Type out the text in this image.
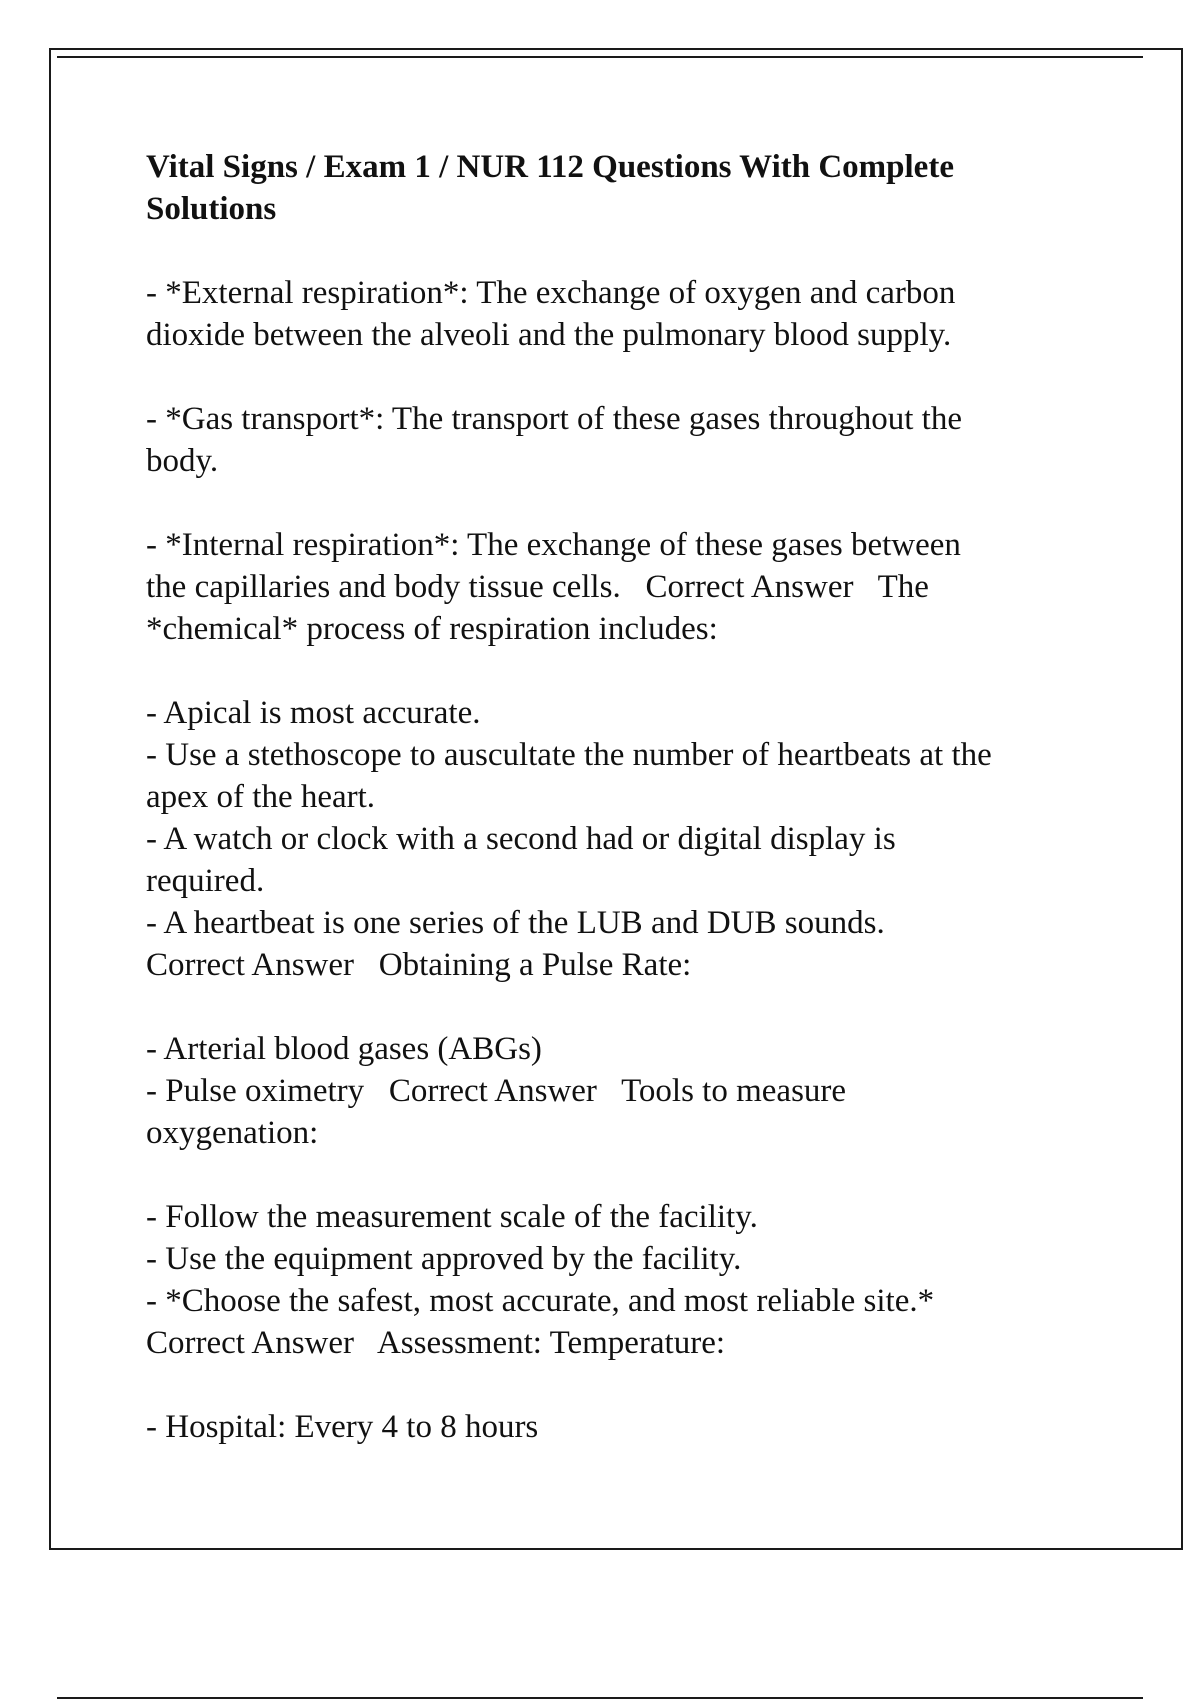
Vital Signs / Exam 1 / NUR 112 Questions With Complete
Solutions
- *External respiration*: The exchange of oxygen and carbon
dioxide between the alveoli and the pulmonary blood supply.
- *Gas transport*: The transport of these gases throughout the
body.
- *Internal respiration*: The exchange of these gases between
the capillaries and body tissue cells.   Correct Answer   The
*chemical* process of respiration includes:
- Apical is most accurate.
- Use a stethoscope to auscultate the number of heartbeats at the
apex of the heart.
- A watch or clock with a second had or digital display is
required.
- A heartbeat is one series of the LUB and DUB sounds.
Correct Answer   Obtaining a Pulse Rate:
- Arterial blood gases (ABGs)
- Pulse oximetry   Correct Answer   Tools to measure
oxygenation:
- Follow the measurement scale of the facility.
- Use the equipment approved by the facility.
- *Choose the safest, most accurate, and most reliable site.*
Correct Answer   Assessment: Temperature:
- Hospital: Every 4 to 8 hours
